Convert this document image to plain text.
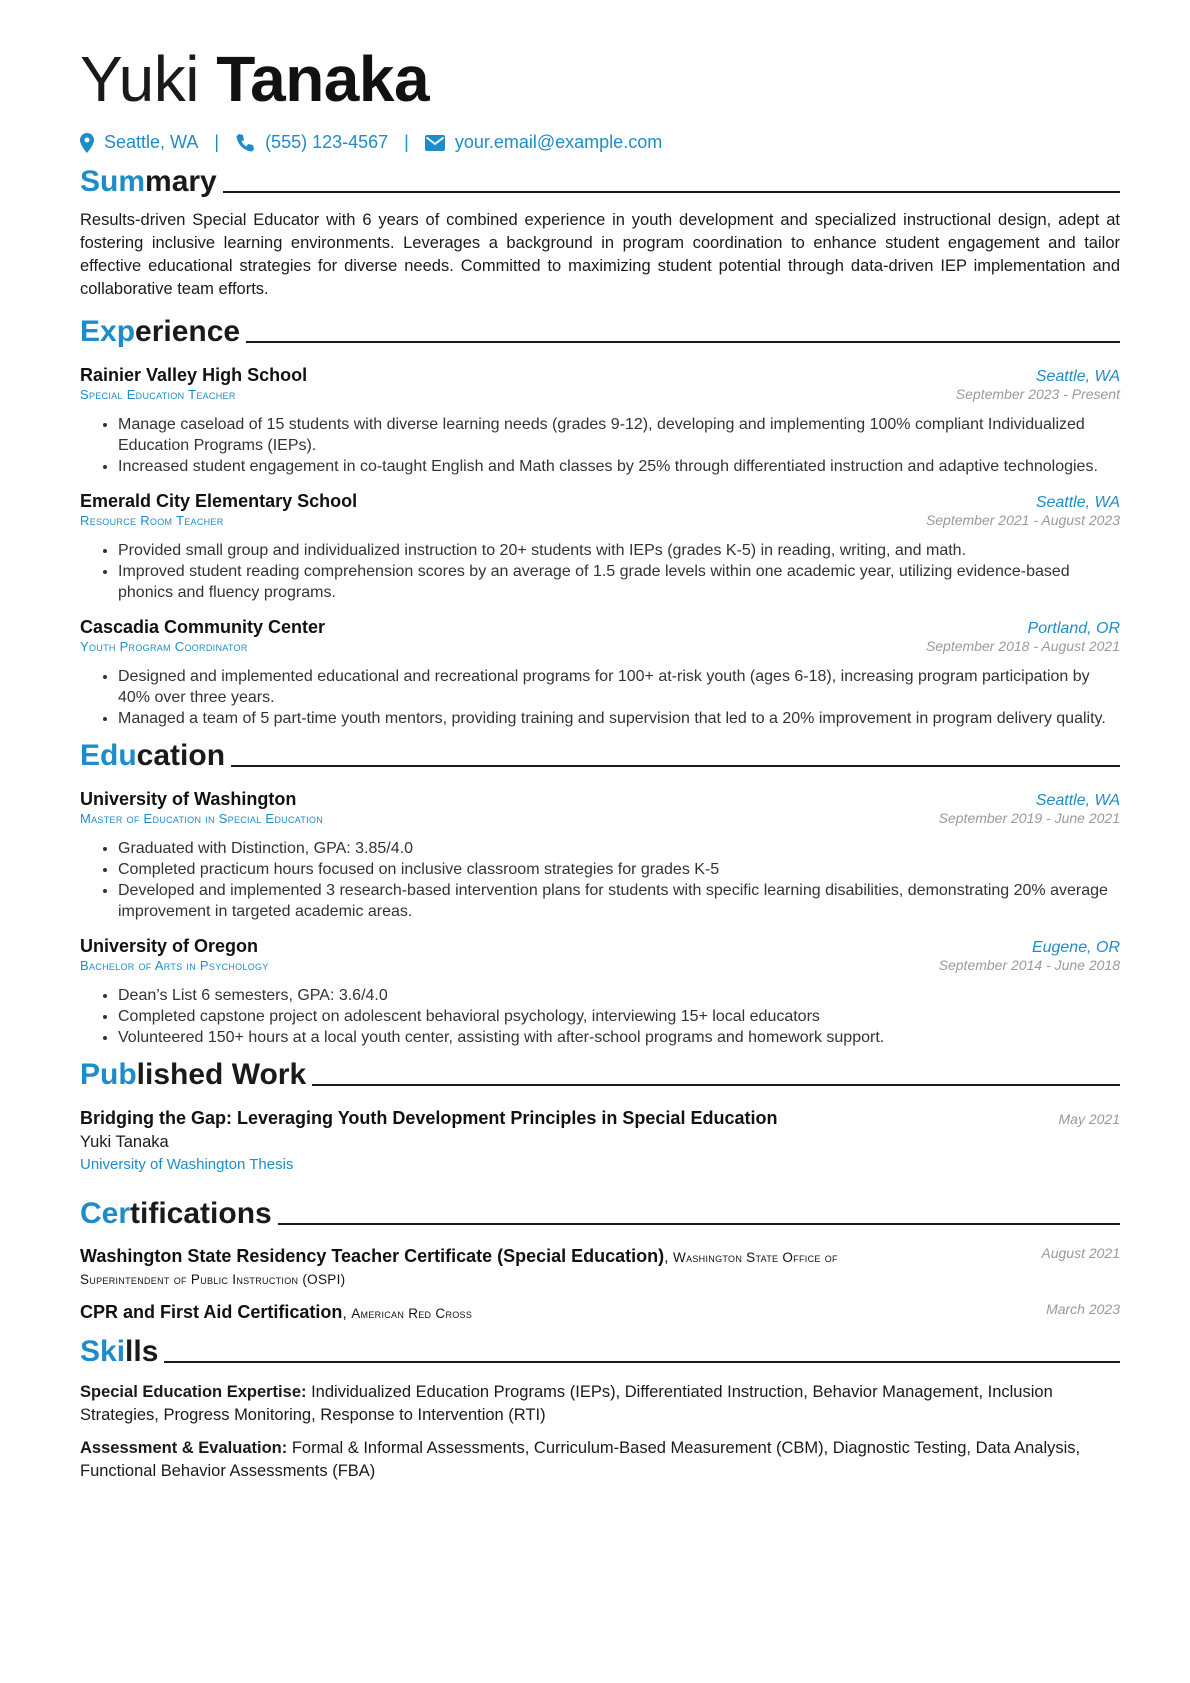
Yuki Tanaka
Seattle, WA |	(555) 123-4567 |	your.email@example.com
Summary

Results-driven Special Educator with 6 years of combined experience in youth development and specialized instructional design, adept at fostering inclusive learning environments. Leverages a background in program coordination to enhance student engagement and tailor effective educational strategies for diverse needs. Committed to maximizing student potential through data-driven IEP implementation and collaborative team efforts.

Experience
Rainier Valley High School	Seattle, WA
Special Education Teacher	September 2023 - Present
• Manage caseload of 15 students with diverse learning needs (grades 9-12), developing and implementing 100% compliant Individualized Education Programs (IEPs).
• Increased student engagement in co-taught English and Math classes by 25% through differentiated instruction and adaptive technologies.
Emerald City Elementary School	Seattle, WA
Resource Room Teacher	September 2021 - August 2023
• Provided small group and individualized instruction to 20+ students with IEPs (grades K-5) in reading, writing, and math.
• Improved student reading comprehension scores by an average of 1.5 grade levels within one academic year, utilizing evidence-based phonics and fluency programs.
Cascadia Community Center	Portland, OR
Youth Program Coordinator	September 2018 - August 2021
• Designed and implemented educational and recreational programs for 100+ at-risk youth (ages 6-18), increasing program participation by 40% over three years.
• Managed a team of 5 part-time youth mentors, providing training and supervision that led to a 20% improvement in program delivery quality.
Education
University of Washington	Seattle, WA
Master of Education in Special Education	September 2019 - June 2021
• Graduated with Distinction, GPA: 3.85/4.0
• Completed practicum hours focused on inclusive classroom strategies for grades K-5
• Developed and implemented 3 research-based intervention plans for students with specific learning disabilities, demonstrating 20% average improvement in targeted academic areas.
University of Oregon	Eugene, OR
Bachelor of Arts in Psychology	September 2014 - June 2018
• Dean’s List 6 semesters, GPA: 3.6/4.0
• Completed capstone project on adolescent behavioral psychology, interviewing 15+ local educators
• Volunteered 150+ hours at a local youth center, assisting with after-school programs and homework support.
Published Work
Bridging the Gap: Leveraging Youth Development Principles in Special Education	May 2021
Yuki Tanaka
University of Washington Thesis
Certifications
Washington State Residency Teacher Certificate (Special Education), Washington State Office of Superintendent of Public Instruction (OSPI)
August 2021
CPR and First Aid Certification, American Red Cross	March 2023
Skills
Special Education Expertise: Individualized Education Programs (IEPs), Differentiated Instruction, Behavior Management, Inclusion Strategies, Progress Monitoring, Response to Intervention (RTI)
Assessment & Evaluation: Formal & Informal Assessments, Curriculum-Based Measurement (CBM), Diagnostic Testing, Data Analysis, Functional Behavior Assessments (FBA)
